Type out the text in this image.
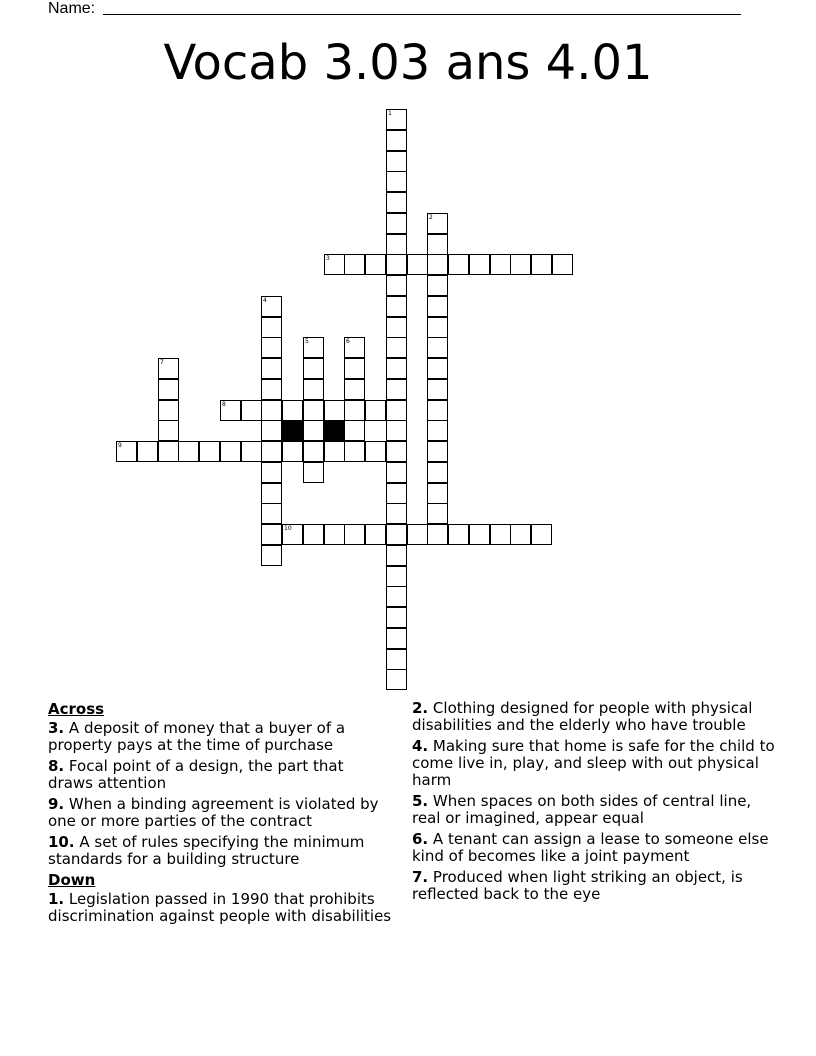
Name:
Vocab 3.03 ans 4.01
1
2
3
4
5	6
7
8
9
10
Across
3. A deposit of money that a buyer of a property pays at the time of purchase
8. Focal point of a design, the part that draws attention
9. When a binding agreement is violated by one or more parties of the contract
10. A set of rules specifying the minimum standards for a building structure
Down
1. Legislation passed in 1990 that prohibits discrimination against people with disabilities
2. Clothing designed for people with physical disabilities and the elderly who have trouble
4. Making sure that home is safe for the child to come live in, play, and sleep with out physical harm
5. When spaces on both sides of central line, real or imagined, appear equal
6. A tenant can assign a lease to someone else kind of becomes like a joint payment
7. Produced when light striking an object, is reflected back to the eye
